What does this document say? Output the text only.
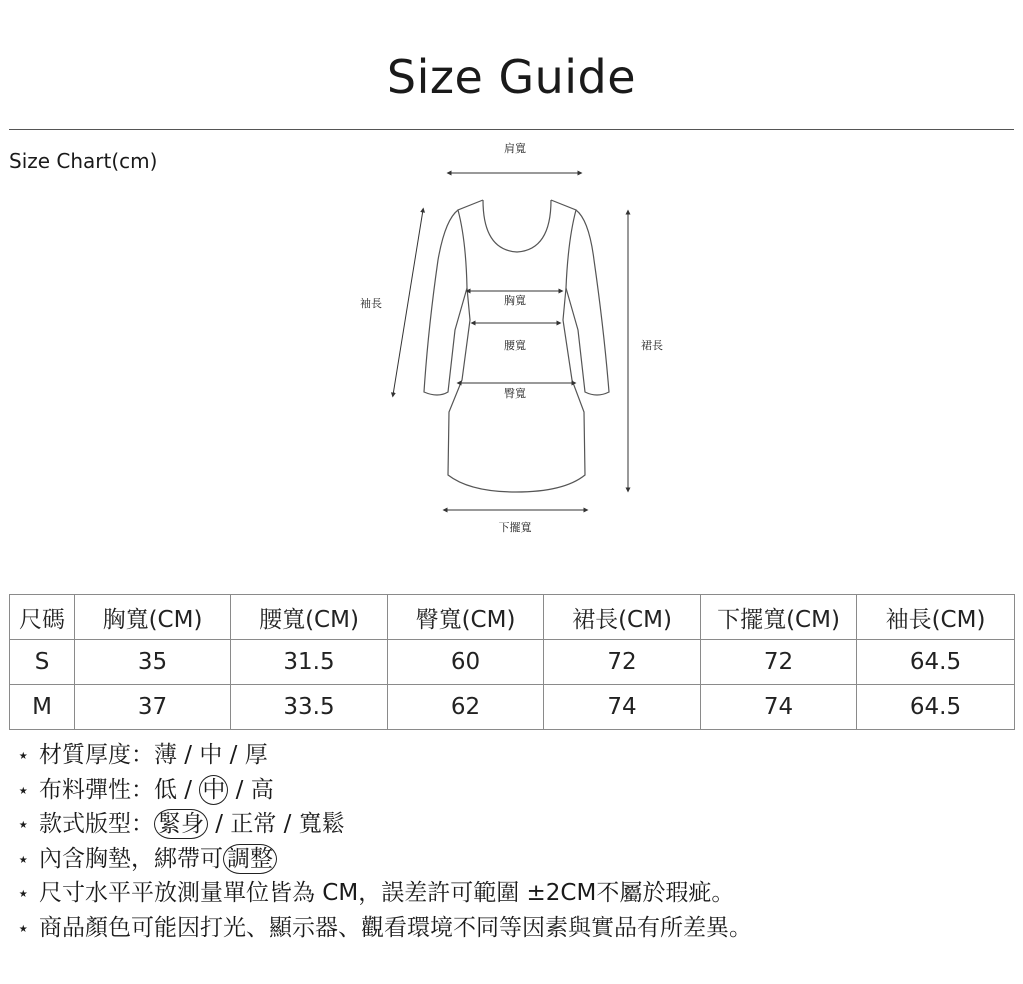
Size Guide
Size Chart(cm)
肩寬
袖長	胸寬
腰寬
臀寬
裙長
下擺寬
尺碼	胸寬(CM)	腰寬(CM)	臀寬(CM)	裙長(CM)	下擺寬(CM)	袖長(CM)
S	35	31.5	60	72	72	64.5
M	37	33.5	62	74	74	64.5
⋆ 材質厚度：薄 / 中 / 厚
⋆ 布料彈性：低 / 中 / 高
⋆ 款式版型： 緊身 / 正常 / 寬鬆
⋆ 內含胸墊，綁帶可 調整
⋆ 尺寸水平平放測量單位皆為 CM，誤差許可範圍 ±2CM不屬於瑕疵。
⋆ 商品顏色可能因打光、顯示器、觀看環境不同等因素與實品有所差異。
